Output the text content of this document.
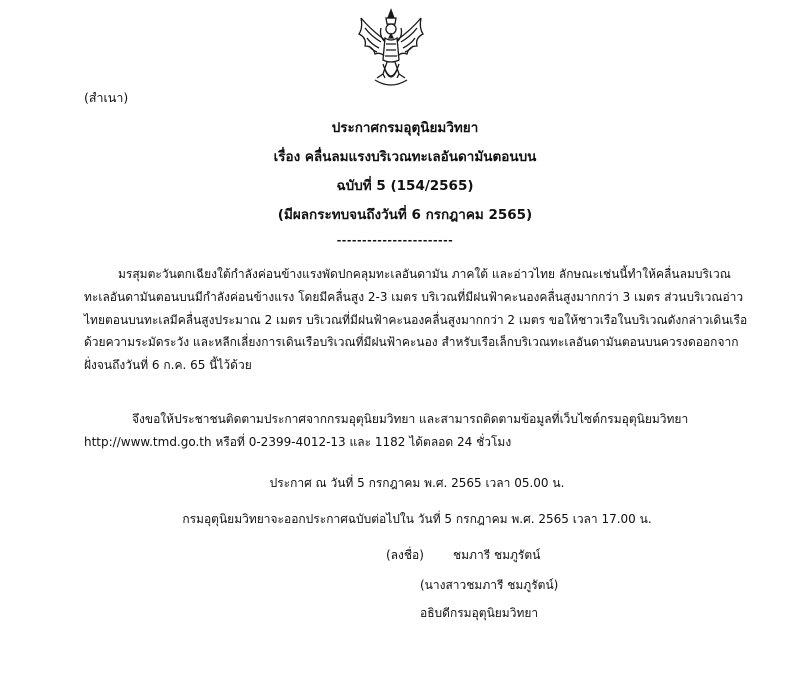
(สำเนา)
ประกาศกรมอุตุนิยมวิทยา
เรื่อง คลื่นลมแรงบริเวณทะเลอันดามันตอนบน
ฉบับที่ 5 (154/2565)
(มีผลกระทบจนถึงวันที่ 6 กรกฎาคม 2565)
-----------------------
มรสุมตะวันตกเฉียงใต้กำลังค่อนข้างแรงพัดปกคลุมทะเลอันดามัน ภาคใต้ และอ่าวไทย ลักษณะเช่นนี้ทำให้คลื่นลมบริเวณ
ทะเลอันดามันตอนบนมีกำลังค่อนข้างแรง โดยมีคลื่นสูง 2-3 เมตร บริเวณที่มีฝนฟ้าคะนองคลื่นสูงมากกว่า 3 เมตร ส่วนบริเวณอ่าว
ไทยตอนบนทะเลมีคลื่นสูงประมาณ 2 เมตร บริเวณที่มีฝนฟ้าคะนองคลื่นสูงมากกว่า 2 เมตร ขอให้ชาวเรือในบริเวณดังกล่าวเดินเรือ
ด้วยความระมัดระวัง และหลีกเลี่ยงการเดินเรือบริเวณที่มีฝนฟ้าคะนอง สำหรับเรือเล็กบริเวณทะเลอันดามันตอนบนควรงดออกจาก
ฝั่งจนถึงวันที่ 6 ก.ค. 65 นี้ไว้ด้วย
จึงขอให้ประชาชนติดตามประกาศจากกรมอุตุนิยมวิทยา และสามารถติดตามข้อมูลที่เว็บไซต์กรมอุตุนิยมวิทยา
http://www.tmd.go.th หรือที่ 0-2399-4012-13 และ 1182 ได้ตลอด 24 ชั่วโมง
ประกาศ ณ วันที่ 5 กรกฎาคม พ.ศ. 2565 เวลา 05.00 น.
กรมอุตุนิยมวิทยาจะออกประกาศฉบับต่อไปใน วันที่ 5 กรกฎาคม พ.ศ. 2565 เวลา 17.00 น.
(ลงชื่อ) ชมภารี ชมภูรัตน์
(นางสาวชมภารี ชมภูรัตน์)
อธิบดีกรมอุตุนิยมวิทยา
